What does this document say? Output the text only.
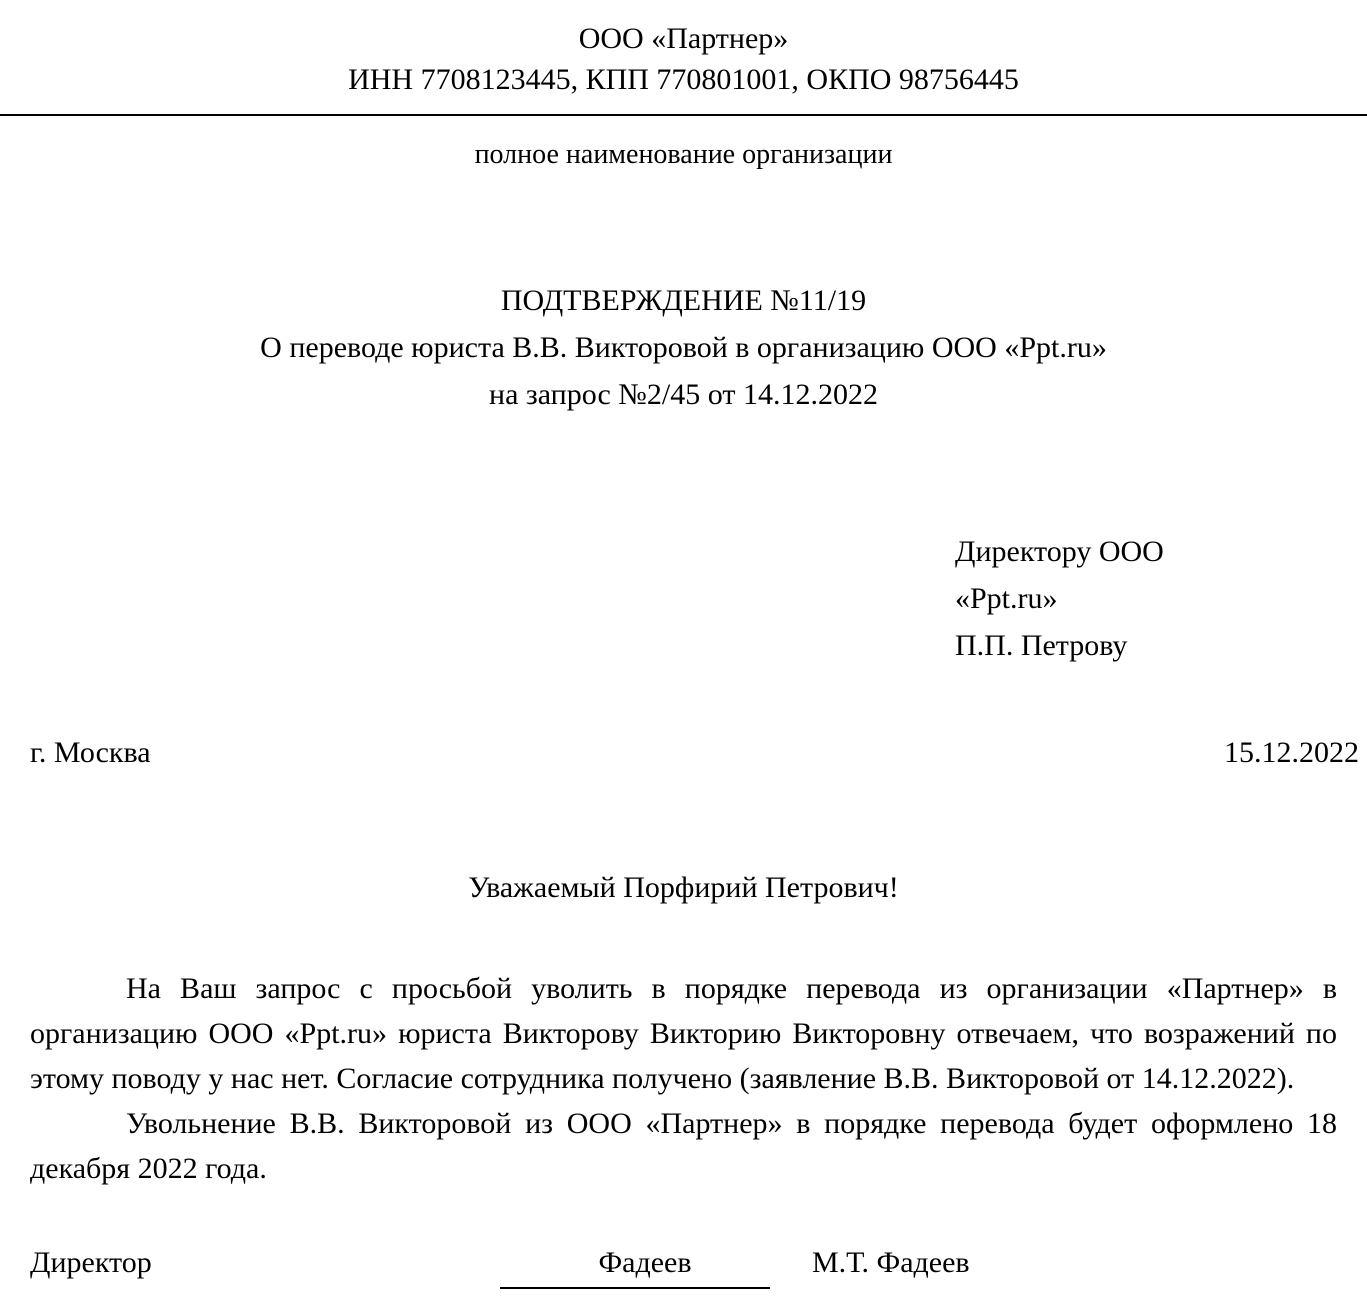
ООО «Партнер»
ИНН 7708123445, КПП 770801001, ОКПО 98756445
полное наименование организации
ПОДТВЕРЖДЕНИЕ №11/19
О переводе юриста В.В. Викторовой в организацию ООО «Ppt.ru»
на запрос №2/45 от 14.12.2022
Директору ООО
«Ppt.ru»
П.П. Петрову
г. Москва	15.12.2022
Уважаемый Порфирий Петрович!

На Ваш запрос с просьбой уволить в порядке перевода из организации «Партнер» в организацию ООО «Ppt.ru» юриста Викторову Викторию Викторовну отвечаем, что возражений по этому поводу у нас нет. Согласие сотрудника получено (заявление В.В. Викторовой от 14.12.2022).

Увольнение В.В. Викторовой из ООО «Партнер» в порядке перевода будет оформлено 18 декабря 2022 года.

Директор	Фадеев	М.Т. Фадеев
